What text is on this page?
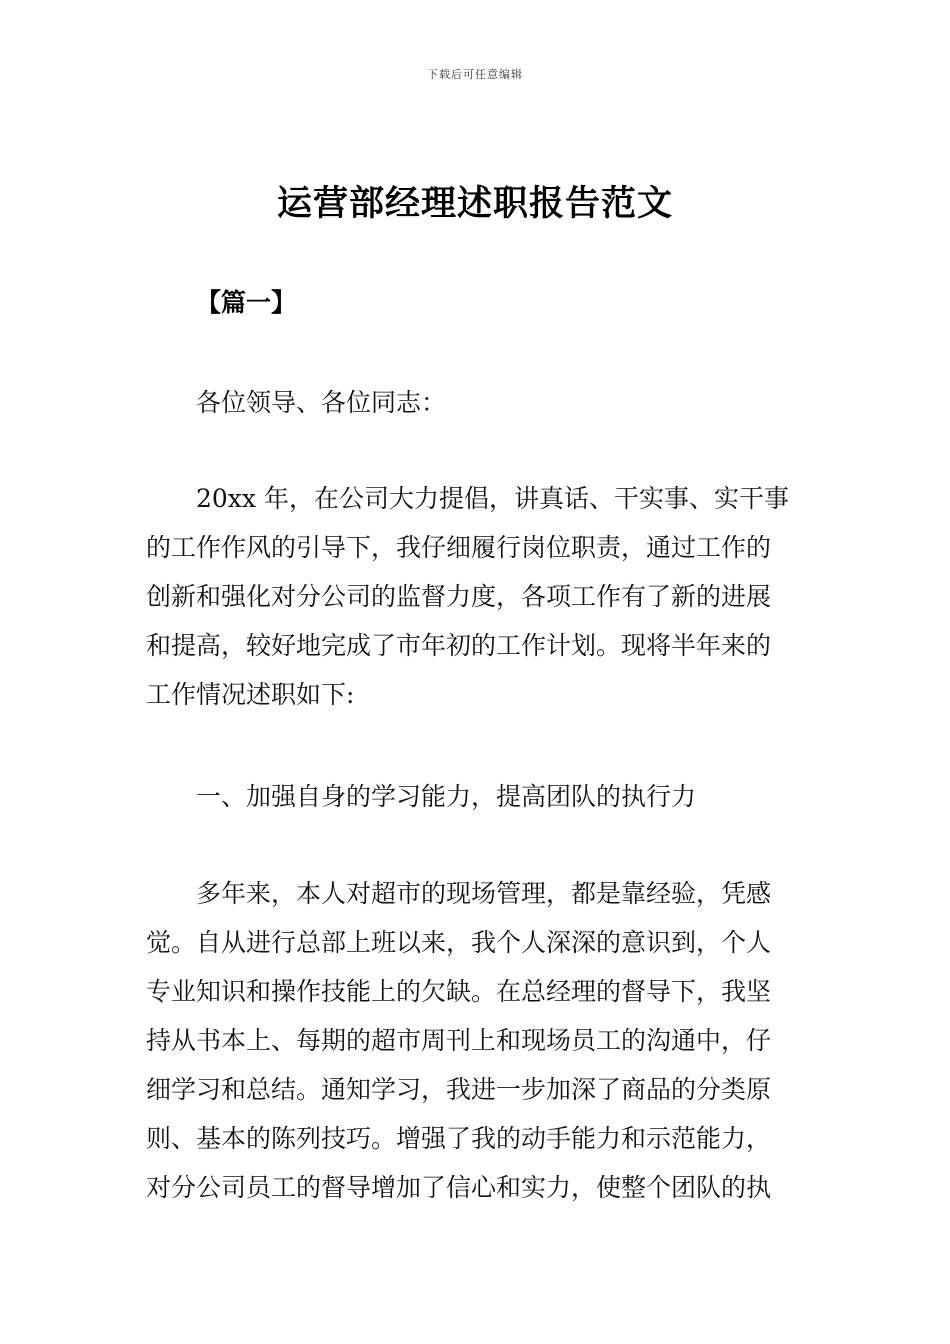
下载后可任意编辑
运营部经理述职报告范文
【篇一】
各位领导、各位同志：
20xx 年，在公司大力提倡，讲真话、干实事、实干事
的工作作风的引导下，我仔细履行岗位职责，通过工作的
创新和强化对分公司的监督力度，各项工作有了新的进展
和提高，较好地完成了市年初的工作计划。现将半年来的
工作情况述职如下:
一、加强自身的学习能力，提高团队的执行力
多年来，本人对超市的现场管理，都是靠经验，凭感
觉。自从进行总部上班以来，我个人深深的意识到，个人
专业知识和操作技能上的欠缺。在总经理的督导下，我坚
持从书本上、每期的超市周刊上和现场员工的沟通中，仔
细学习和总结。通知学习，我进一步加深了商品的分类原
则、基本的陈列技巧。增强了我的动手能力和示范能力，
对分公司员工的督导增加了信心和实力，使整个团队的执
